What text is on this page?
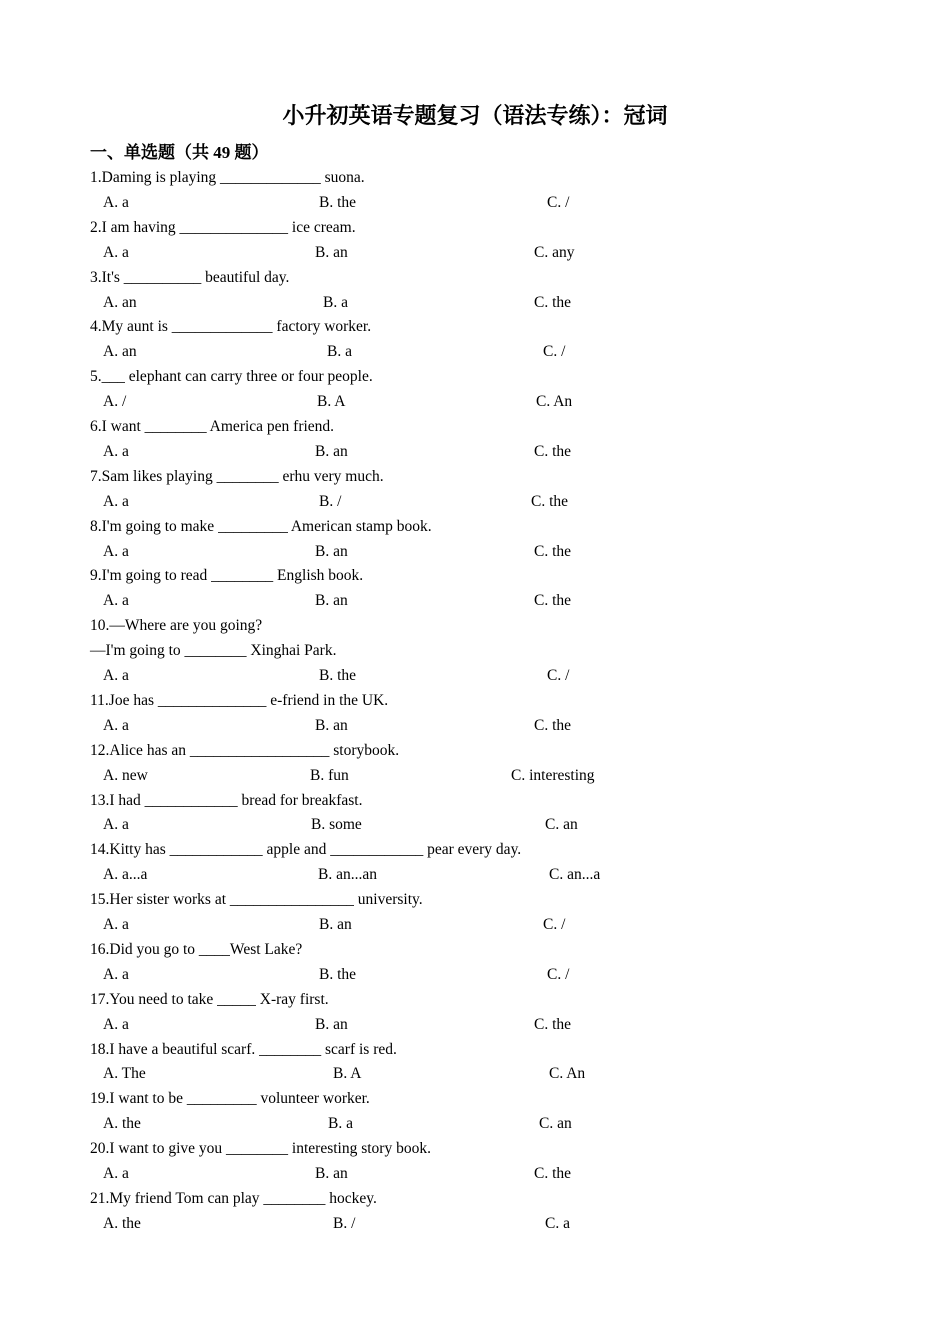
小升初英语专题复习（语法专练）：冠词
一、单选题（共 49 题）
1.Daming is playing _____________ suona.
A. a	B. the	C. /
2.I am having ______________ ice cream.
A. a	B. an	C. any
3.It's __________ beautiful day.
A. an	B. a	C. the
4.My aunt is _____________ factory worker.
A. an	B. a	C. /
5.___ elephant can carry three or four people.
A. /	B. A	C. An
6.I want ________ America pen friend.
A. a	B. an	C. the
7.Sam likes playing ________ erhu very much.
A. a	B. /	C. the
8.I'm going to make _________ American stamp book.
A. a	B. an	C. the
9.I'm going to read ________ English book.
A. a	B. an	C. the
10.—Where are you going?
—I'm going to ________ Xinghai Park.
A. a	B. the	C. /
11.Joe has ______________ e-friend in the UK.
A. a	B. an	C. the
12.Alice has an __________________ storybook.
A. new	B. fun	C. interesting
13.I had ____________ bread for breakfast.
A. a	B. some	C. an
14.Kitty has ____________ apple and ____________ pear every day.
A. a...a	B. an...an	C. an...a
15.Her sister works at ________________ university.
A. a	B. an	C. /
16.Did you go to ____West Lake?
A. a	B. the	C. /
17.You need to take _____ X-ray first.
A. a	B. an	C. the
18.I have a beautiful scarf. ________ scarf is red.
A. The	B. A	C. An
19.I want to be _________ volunteer worker.
A. the	B. a	C. an
20.I want to give you ________ interesting story book.
A. a	B. an	C. the
21.My friend Tom can play ________ hockey.
A. the	B. /	C. a
